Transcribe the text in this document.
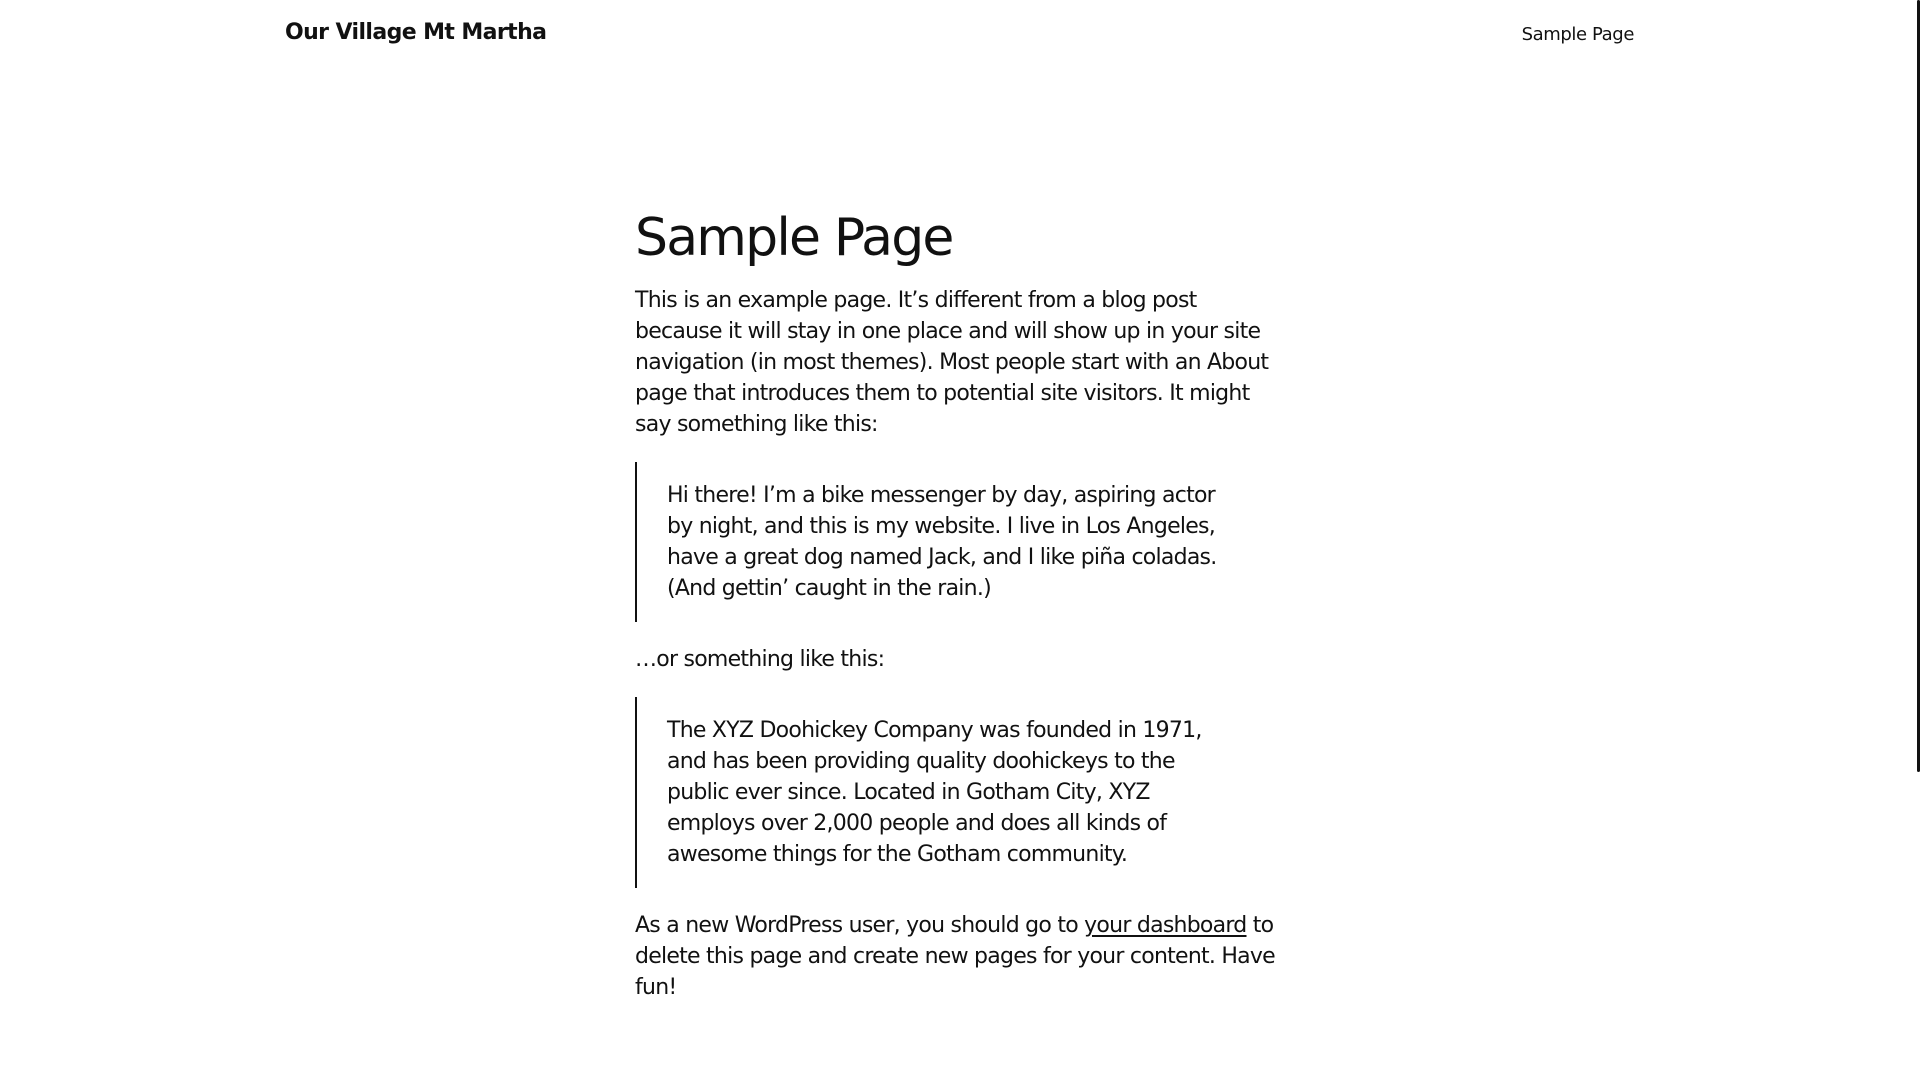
Our Village Mt Martha	Sample Page
Sample Page

This is an example page. It’s different from a blog post because it will stay in one place and will show up in your site navigation (in most themes). Most people start with an About page that introduces them to potential site visitors. It might say something like this:

Hi there! I’m a bike messenger by day, aspiring actor by night, and this is my website. I live in Los Angeles, have a great dog named Jack, and I like piña coladas. (And gettin’ caught in the rain.)

…or something like this:

The XYZ Doohickey Company was founded in 1971, and has been providing quality doohickeys to the public ever since. Located in Gotham City, XYZ employs over 2,000 people and does all kinds of awesome things for the Gotham community.

As a new WordPress user, you should go to your dashboard to delete this page and create new pages for your content. Have fun!
